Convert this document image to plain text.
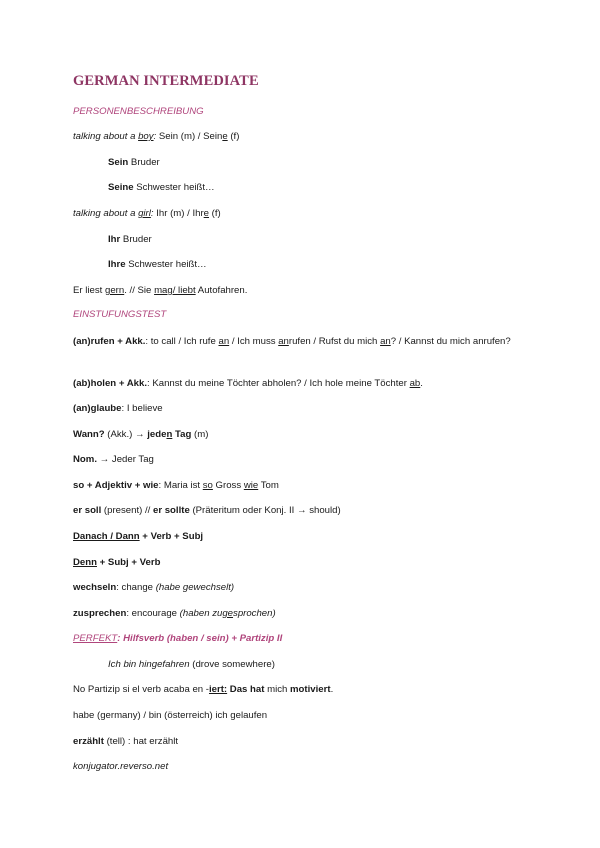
GERMAN INTERMEDIATE
PERSONENBESCHREIBUNG
talking about a boy: Sein (m) / Seine (f)
Sein Bruder
Seine Schwester heißt…
talking about a girl: Ihr (m) / Ihre (f)
Ihr Bruder
Ihre Schwester heißt…
Er liest gern. // Sie mag/ liebt Autofahren.
EINSTUFUNGSTEST
(an)rufen + Akk.: to call / Ich rufe an / Ich muss anrufen / Rufst du mich an? / Kannst du mich anrufen?
(ab)holen + Akk.: Kannst du meine Töchter abholen? / Ich hole meine Töchter ab.
(an)glaube: I believe
Wann? (Akk.) → jeden Tag (m)
Nom. → Jeder Tag
so + Adjektiv + wie: Maria ist so Gross wie Tom
er soll (present) // er sollte (Präteritum oder Konj. II → should)
Danach / Dann + Verb + Subj
Denn + Subj + Verb
wechseln: change (habe gewechselt)
zusprechen: encourage (haben zugesprochen)
PERFEKT: Hilfsverb (haben / sein) + Partizip II
Ich bin hingefahren (drove somewhere)
No Partizip si el verb acaba en -iert: Das hat mich motiviert.
habe (germany) / bin (österreich) ich gelaufen
erzählt (tell) : hat erzählt
konjugator.reverso.net
